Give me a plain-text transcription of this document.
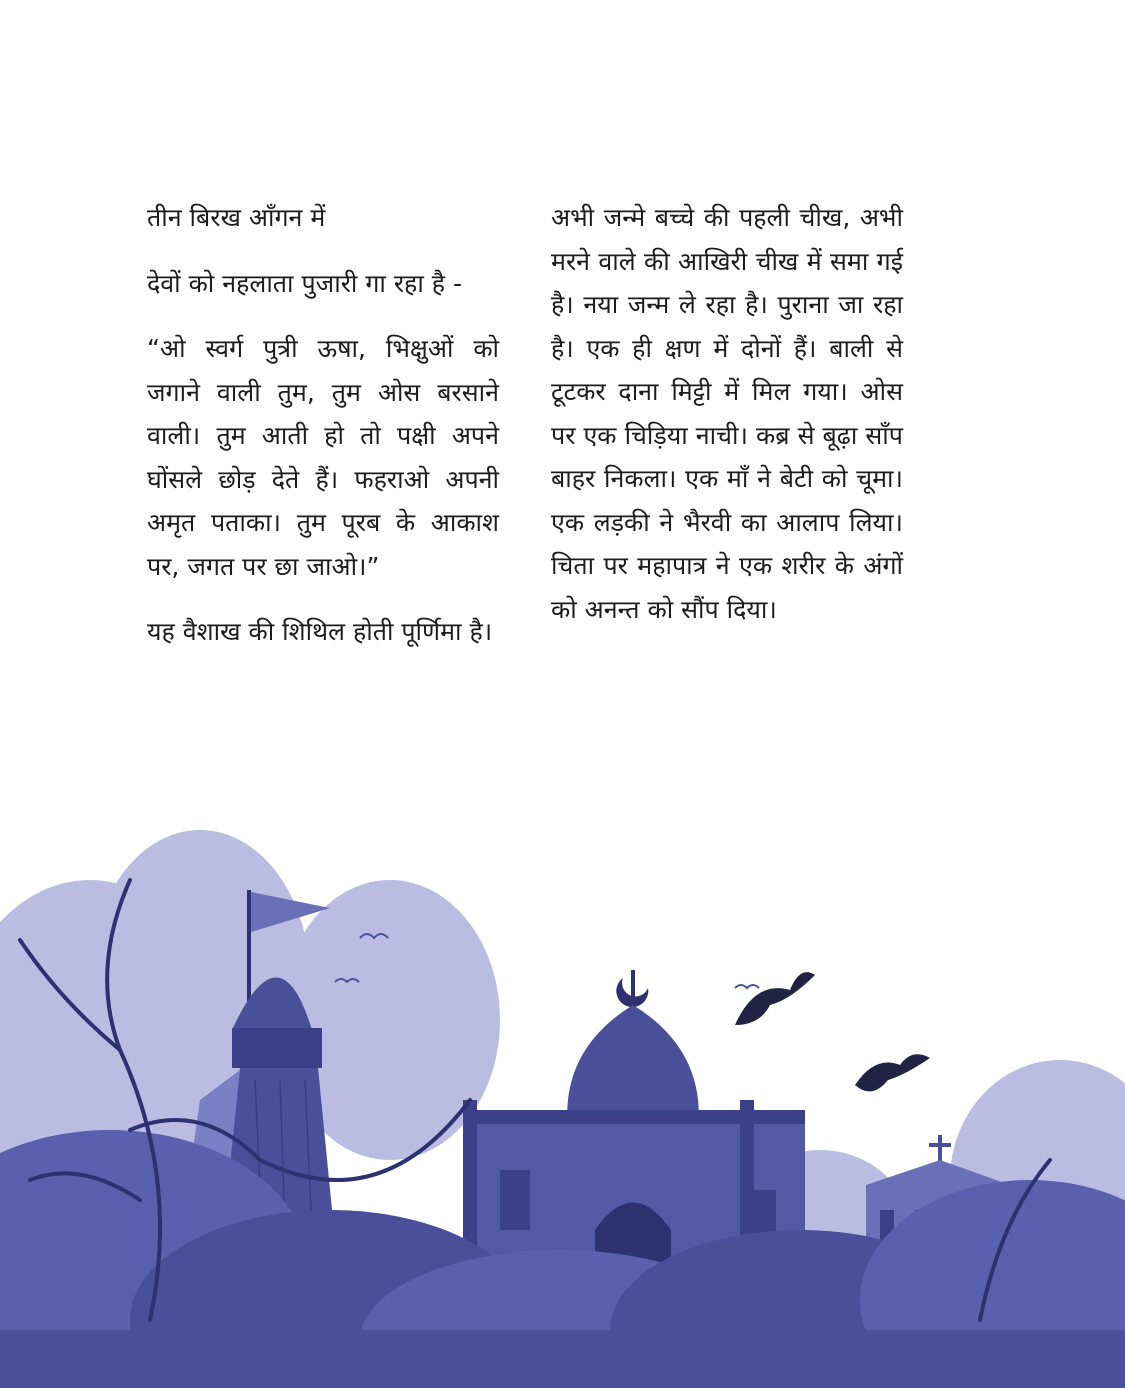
तीन बिरख आँगन में

देवों को नहलाता पुजारी गा रहा है -

“ओ स्वर्ग पुत्री ऊषा, भिक्षुओं को जगाने वाली तुम, तुम ओस बरसाने वाली। तुम आती हो तो पक्षी अपने घोंसले छोड़ देते हैं। फहराओ अपनी अमृत पताका। तुम पूरब के आकाश पर, जगत पर छा जाओ।”

यह वैशाख की शिथिल होती पूर्णिमा है।

अभी जन्मे बच्चे की पहली चीख, अभी मरने वाले की आखिरी चीख में समा गई है। नया जन्म ले रहा है। पुराना जा रहा है। एक ही क्षण में दोनों हैं। बाली से टूटकर दाना मिट्टी में मिल गया। ओस पर एक चिड़िया नाची। कब्र से बूढ़ा साँप बाहर निकला। एक माँ ने बेटी को चूमा। एक लड़की ने भैरवी का आलाप लिया। चिता पर महापात्र ने एक शरीर के अंगों को अनन्त को सौंप दिया।
